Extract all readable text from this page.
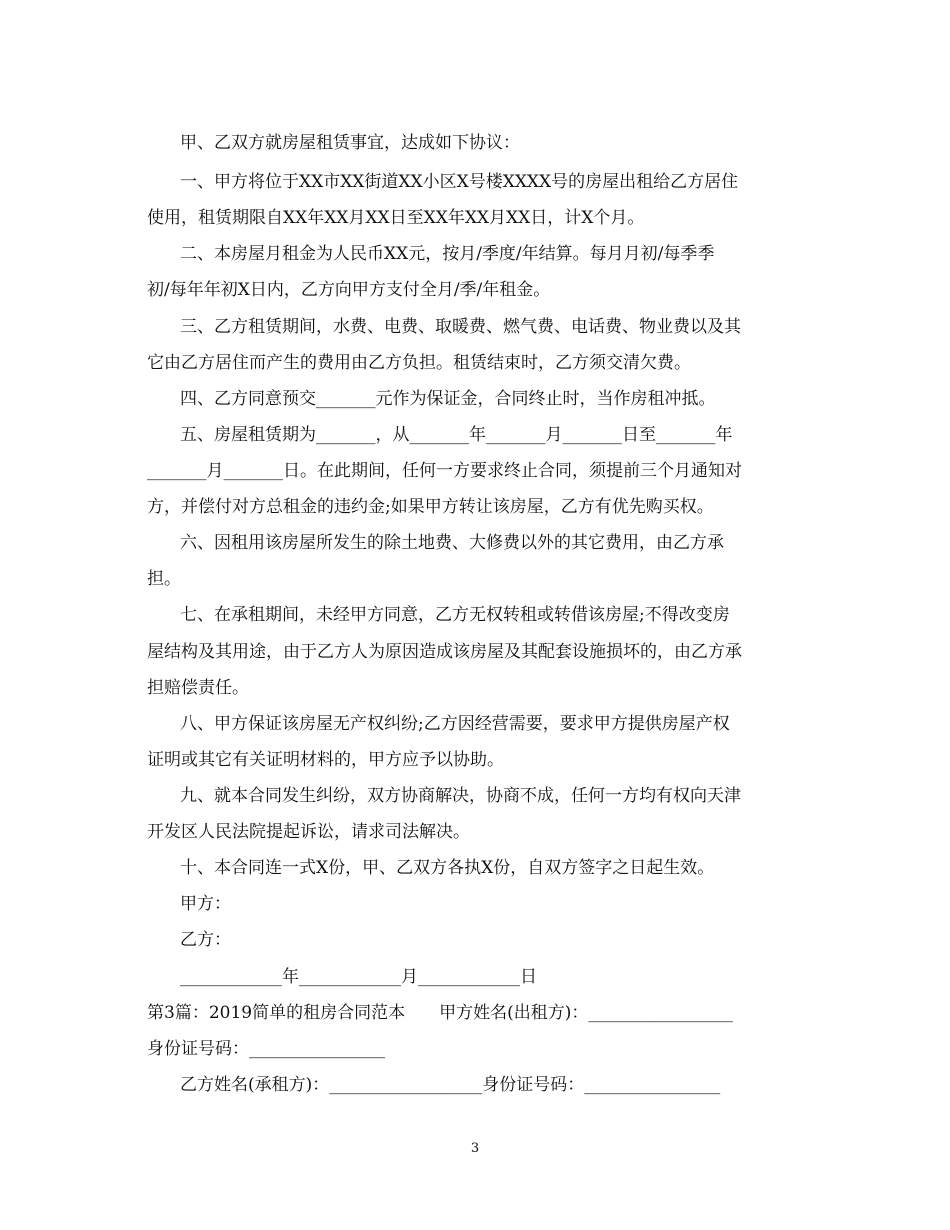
甲、乙双方就房屋租赁事宜，达成如下协议：
一、甲方将位于XX市XX街道XX小区X号楼XXXX号的房屋出租给乙方居住
使用，租赁期限自XX年XX月XX日至XX年XX月XX日，计X个月。
二、本房屋月租金为人民币XX元，按月/季度/年结算。每月月初/每季季
初/每年年初X日内，乙方向甲方支付全月/季/年租金。
三、乙方租赁期间，水费、电费、取暖费、燃气费、电话费、物业费以及其
它由乙方居住而产生的费用由乙方负担。租赁结束时，乙方须交清欠费。
四、乙方同意预交_______元作为保证金，合同终止时，当作房租冲抵。
五、房屋租赁期为_______，从_______年_______月_______日至_______年
_______月_______日。在此期间，任何一方要求终止合同，须提前三个月通知对
方，并偿付对方总租金的违约金;如果甲方转让该房屋，乙方有优先购买权。
六、因租用该房屋所发生的除土地费、大修费以外的其它费用，由乙方承
担。
七、在承租期间，未经甲方同意，乙方无权转租或转借该房屋;不得改变房
屋结构及其用途，由于乙方人为原因造成该房屋及其配套设施损坏的，由乙方承
担赔偿责任。
八、甲方保证该房屋无产权纠纷;乙方因经营需要，要求甲方提供房屋产权
证明或其它有关证明材料的，甲方应予以协助。
九、就本合同发生纠纷，双方协商解决，协商不成，任何一方均有权向天津
开发区人民法院提起诉讼，请求司法解决。
十、本合同连一式X份，甲、乙双方各执X份，自双方签字之日起生效。
甲方：
乙方：
____________年____________月____________日
第3篇：2019简单的租房合同范本　　甲方姓名(出租方)：_________________
身份证号码：________________
乙方姓名(承租方)：__________________身份证号码：________________
3
